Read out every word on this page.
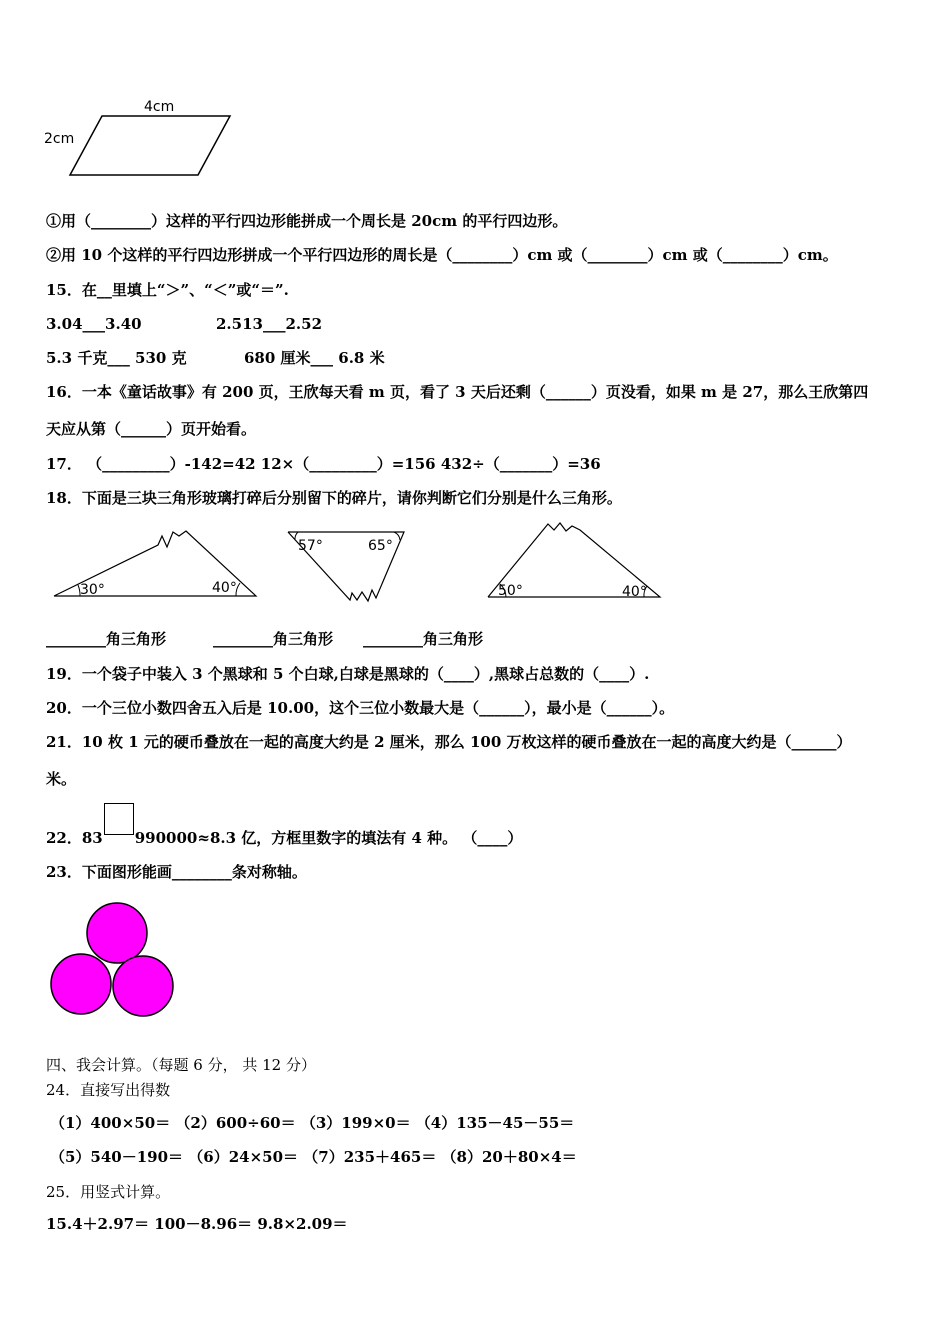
4cm
2cm
①用（________）这样的平行四边形能拼成一个周长是 20cm 的平行四边形。
②用 10 个这样的平行四边形拼成一个平行四边形的周长是（________）cm 或（________）cm 或（________）cm。
15．在__里填上“＞”、“＜”或“＝”.
3.04___3.40	2.513___2.52
5.3 千克___ 530 克	680 厘米___ 6.8 米
16．一本《童话故事》有 200 页，王欣每天看 m 页，看了 3 天后还剩（______）页没看，如果 m 是 27，那么王欣第四
天应从第（______）页开始看。
17． （_________）-142=42 12×（_________）=156 432÷（_______）=36
18．下面是三块三角形玻璃打碎后分别留下的碎片，请你判断它们分别是什么三角形。
30°	40°
57°	65°
50°	40°
________角三角形	________角三角形 ________角三角形
19．一个袋子中装入 3 个黑球和 5 个白球,白球是黑球的（____）,黑球占总数的（____）.
20．一个三位小数四舍五入后是 10.00，这个三位小数最大是（______），最小是（______）。
21．10 枚 1 元的硬币叠放在一起的高度大约是 2 厘米，那么 100 万枚这样的硬币叠放在一起的高度大约是（______）
米。
22．83 990000≈8.3 亿，方框里数字的填法有 4 种。 （____）
23．下面图形能画________条对称轴。
四、我会计算。（每题 6 分， 共 12 分）
24．直接写出得数
（1）400×50＝ （2）600÷60＝ （3）199×0＝ （4）135－45－55＝
（5）540－190＝ （6）24×50＝ （7）235＋465＝ （8）20＋80×4＝
25．用竖式计算。
15.4＋2.97＝ 100－8.96＝ 9.8×2.09＝
